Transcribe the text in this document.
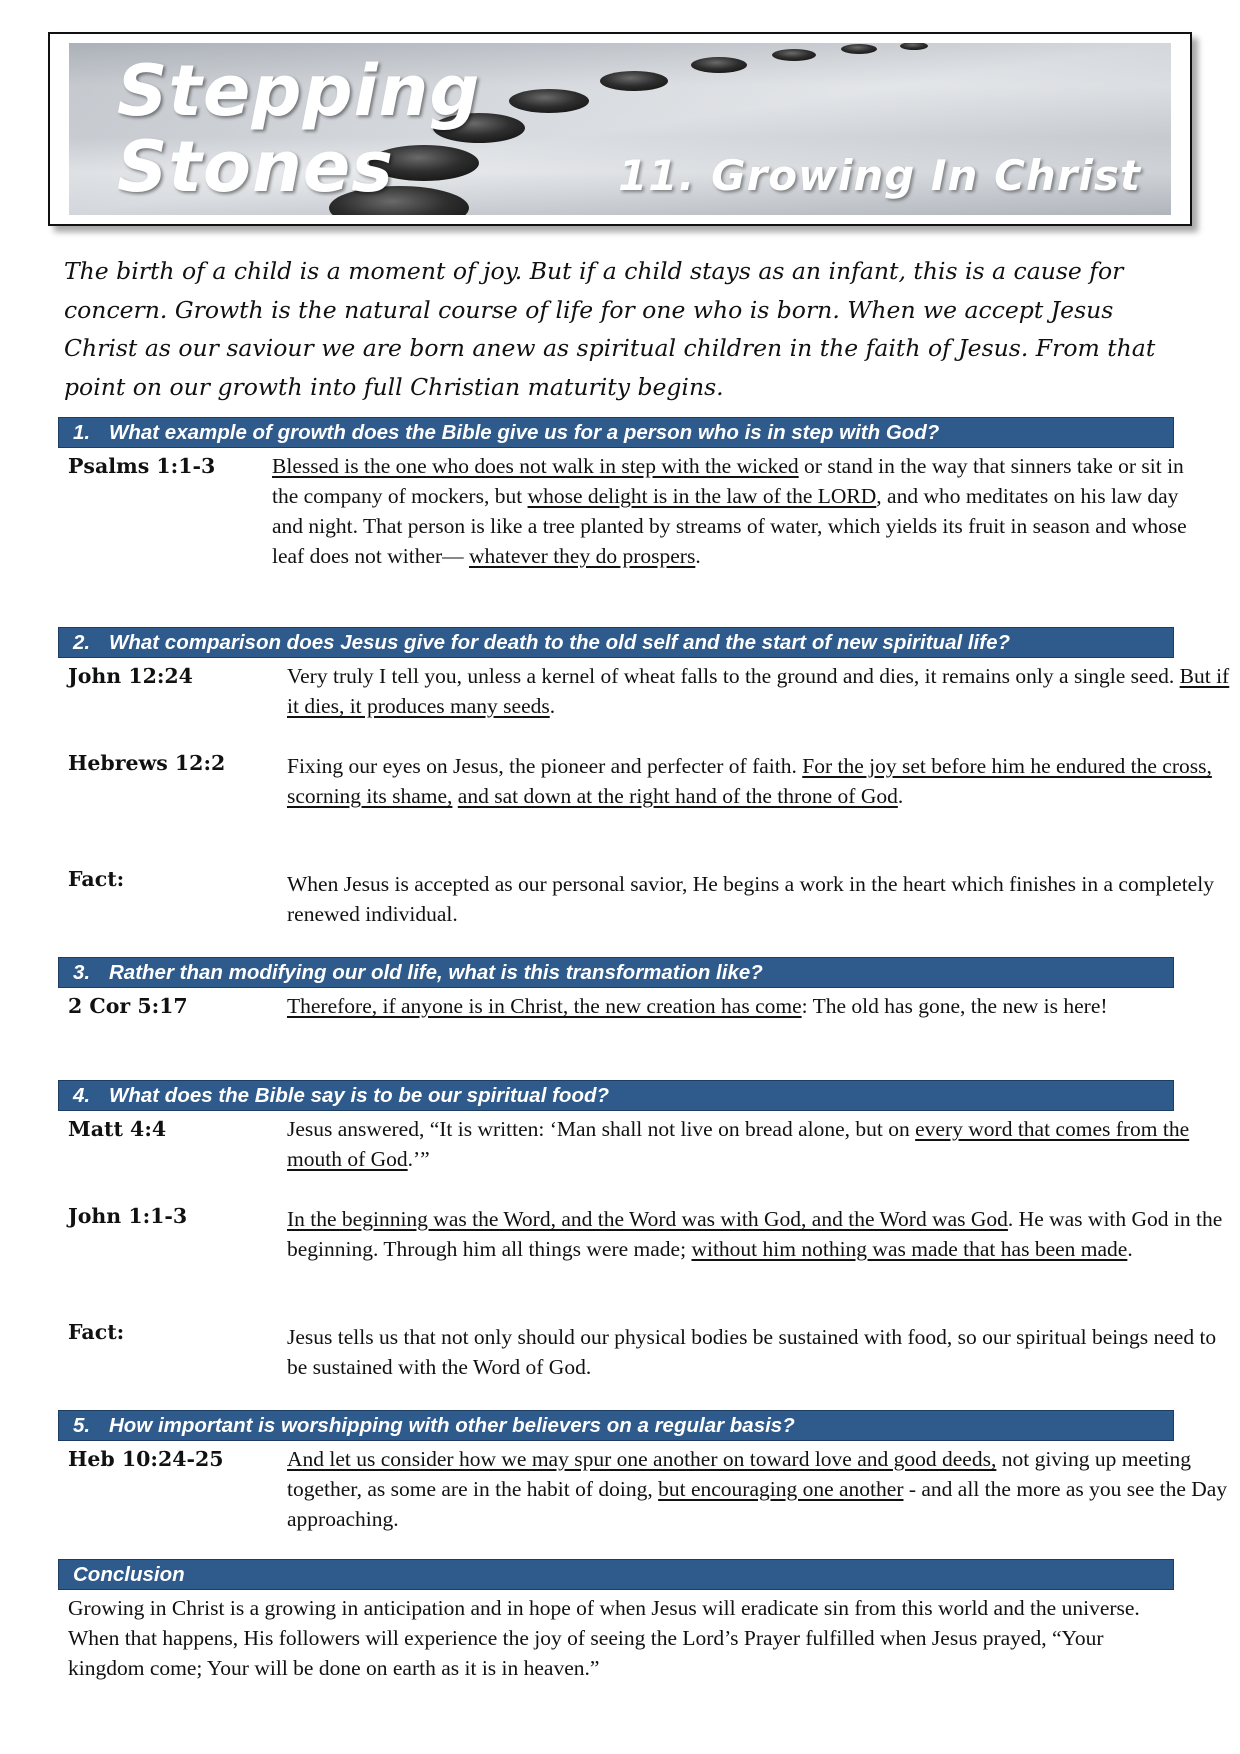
Stepping
Stones	11. Growing In Christ
The birth of a child is a moment of joy. But if a child stays as an infant, this is a cause for concern. Growth is the natural course of life for one who is born. When we accept Jesus Christ as our saviour we are born anew as spiritual children in the faith of Jesus. From that point on our growth into full Christian maturity begins.
1. What example of growth does the Bible give us for a person who is in step with God?
Psalms 1:1-3	Blessed is the one who does not walk in step with the wicked or stand in the way that sinners take or sit in the company of mockers, but whose delight is in the law of the LORD, and who meditates on his law day and night. That person is like a tree planted by streams of water, which yields its fruit in season and whose leaf does not wither— whatever they do prospers.
2. What comparison does Jesus give for death to the old self and the start of new spiritual life?
John 12:24	Very truly I tell you, unless a kernel of wheat falls to the ground and dies, it remains only a single seed. But if it dies, it produces many seeds.
Hebrews 12:2	Fixing our eyes on Jesus, the pioneer and perfecter of faith. For the joy set before him he endured the cross, scorning its shame, and sat down at the right hand of the throne of God.
Fact:	When Jesus is accepted as our personal savior, He begins a work in the heart which finishes in a completely renewed individual.
3. Rather than modifying our old life, what is this transformation like?
2 Cor 5:17	Therefore, if anyone is in Christ, the new creation has come: The old has gone, the new is here!
4. What does the Bible say is to be our spiritual food?
Matt 4:4	Jesus answered, “It is written: ‘Man shall not live on bread alone, but on every word that comes from the mouth of God.’”
John 1:1-3	In the beginning was the Word, and the Word was with God, and the Word was God. He was with God in the beginning. Through him all things were made; without him nothing was made that has been made.
Fact:	Jesus tells us that not only should our physical bodies be sustained with food, so our spiritual beings need to be sustained with the Word of God.
5. How important is worshipping with other believers on a regular basis?
Heb 10:24-25	And let us consider how we may spur one another on toward love and good deeds, not giving up meeting together, as some are in the habit of doing, but encouraging one another - and all the more as you see the Day approaching.
Conclusion
Growing in Christ is a growing in anticipation and in hope of when Jesus will eradicate sin from this world and the universe. When that happens, His followers will experience the joy of seeing the Lord’s Prayer fulfilled when Jesus prayed, “Your kingdom come; Your will be done on earth as it is in heaven.”
